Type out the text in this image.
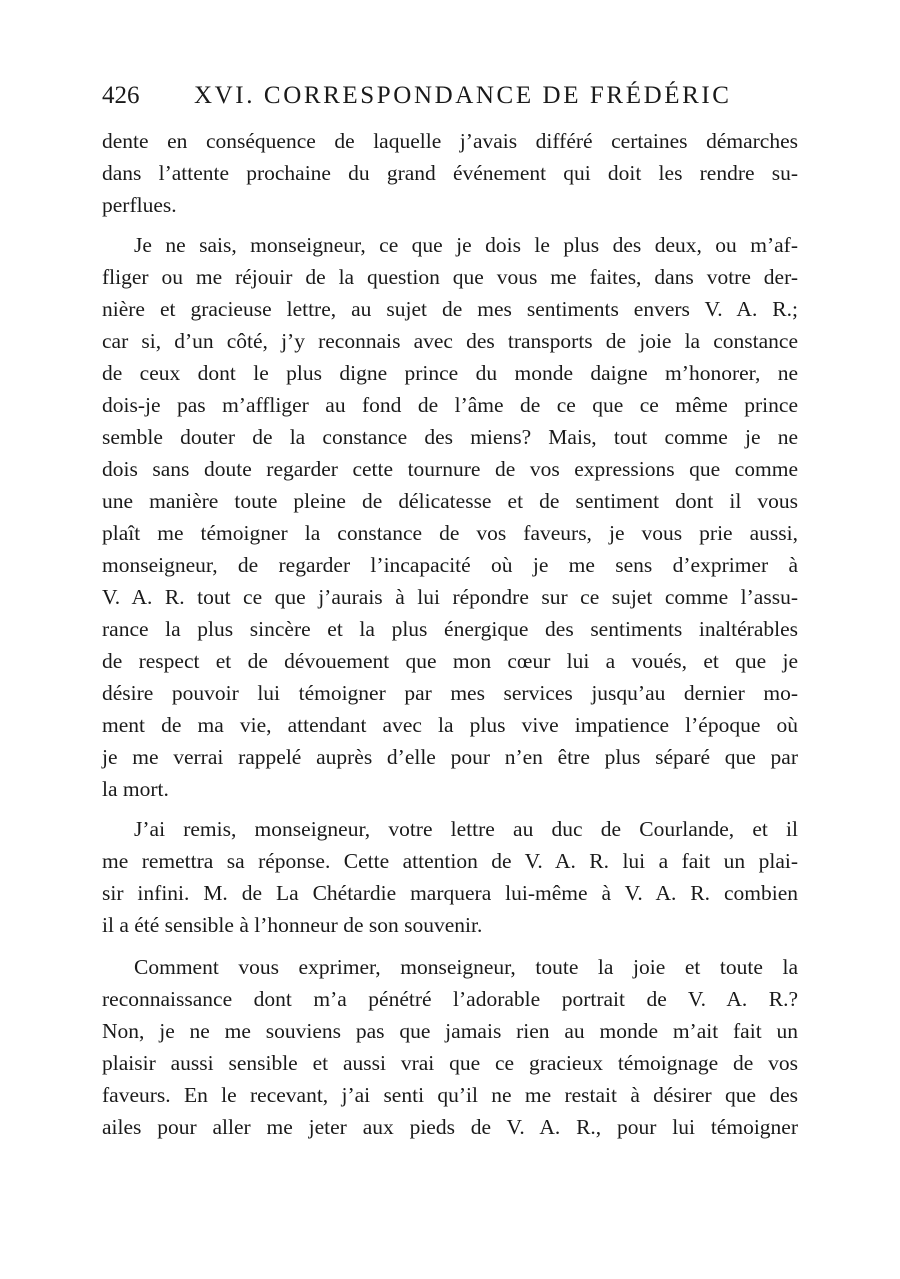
426 XVI. CORRESPONDANCE DE FRÉDÉRIC
dente en conséquence de laquelle j’avais différé certaines démarches
dans l’attente prochaine du grand événement qui doit les rendre su-
perflues.
Je ne sais, monseigneur, ce que je dois le plus des deux, ou m’af-
fliger ou me réjouir de la question que vous me faites, dans votre der-
nière et gracieuse lettre, au sujet de mes sentiments envers V. A. R.;
car si, d’un côté, j’y reconnais avec des transports de joie la constance
de ceux dont le plus digne prince du monde daigne m’honorer, ne
dois-je pas m’affliger au fond de l’âme de ce que ce même prince
semble douter de la constance des miens? Mais, tout comme je ne
dois sans doute regarder cette tournure de vos expressions que comme
une manière toute pleine de délicatesse et de sentiment dont il vous
plaît me témoigner la constance de vos faveurs, je vous prie aussi,
monseigneur, de regarder l’incapacité où je me sens d’exprimer à
V. A. R. tout ce que j’aurais à lui répondre sur ce sujet comme l’assu-
rance la plus sincère et la plus énergique des sentiments inaltérables
de respect et de dévouement que mon cœur lui a voués, et que je
désire pouvoir lui témoigner par mes services jusqu’au dernier mo-
ment de ma vie, attendant avec la plus vive impatience l’époque où
je me verrai rappelé auprès d’elle pour n’en être plus séparé que par
la mort.
J’ai remis, monseigneur, votre lettre au duc de Courlande, et il
me remettra sa réponse. Cette attention de V. A. R. lui a fait un plai-
sir infini. M. de La Chétardie marquera lui-même à V. A. R. combien
il a été sensible à l’honneur de son souvenir.
Comment vous exprimer, monseigneur, toute la joie et toute la
reconnaissance dont m’a pénétré l’adorable portrait de V. A. R.?
Non, je ne me souviens pas que jamais rien au monde m’ait fait un
plaisir aussi sensible et aussi vrai que ce gracieux témoignage de vos
faveurs. En le recevant, j’ai senti qu’il ne me restait à désirer que des
ailes pour aller me jeter aux pieds de V. A. R., pour lui témoigner
